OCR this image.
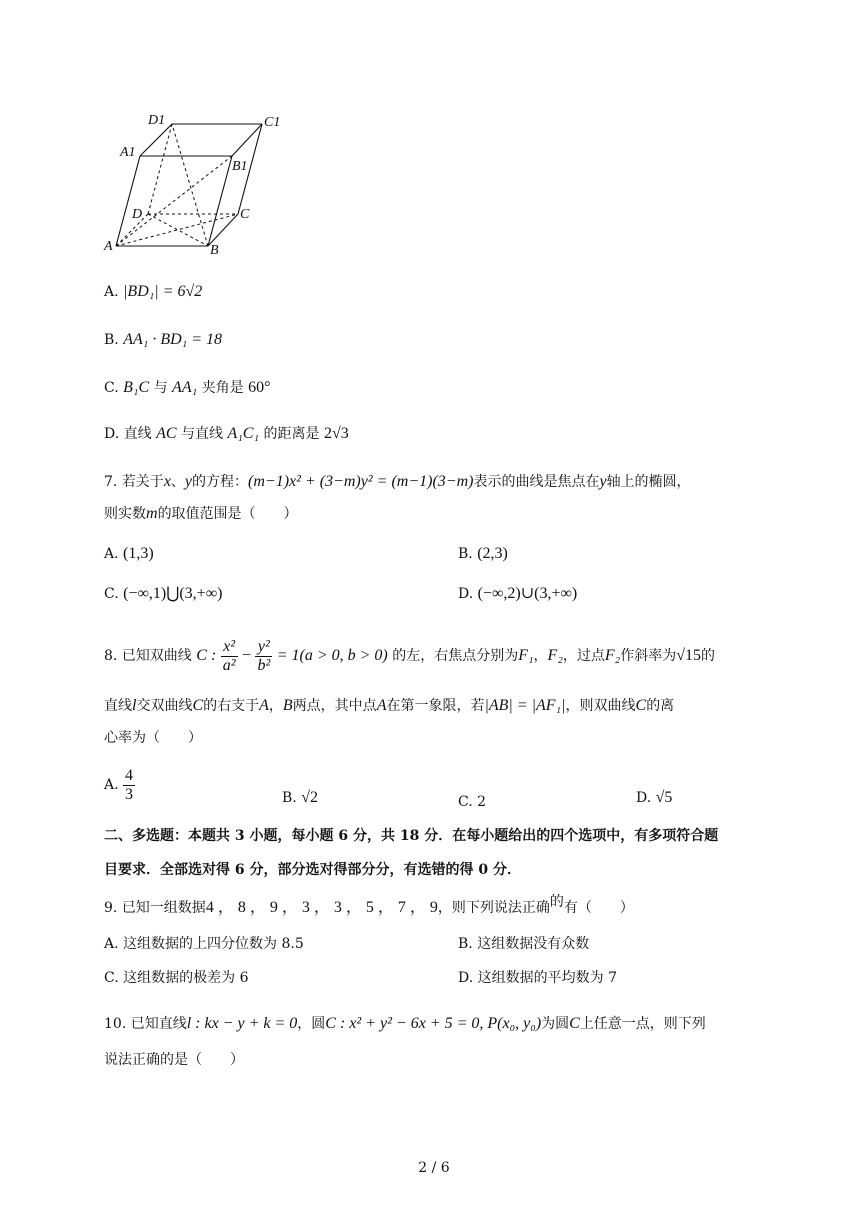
D1	C1
A1
B1
D	C
A	B
A. |BD₁| = 6√2
B. AA₁ · BD₁ = 18
C. B₁C 与 AA₁ 夹角是 60°
D. 直线 AC 与直线 A₁C₁ 的距离是 2√3
7. 若关于x、y的方程：(m−1)x² + (3−m)y² = (m−1)(3−m)表示的曲线是焦点在y轴上的椭圆，
则实数m的取值范围是（　　）
A. (1,3)	B. (2,3)
C. (−∞,1)⋃(3,+∞)	D. (−∞,2)∪(3,+∞)
8. 已知双曲线 C : $\frac{\text{x²}}{\text{a²}} - \frac{\text{y²}}{\text{b²}} = 1(a > 0$, b > 0) 的左，右焦点分别为F₁，F₂，过点F₂作斜率为√15的
直线l交双曲线C的右支于A，B两点，其中点A在第一象限，若|AB| = |AF₁|，则双曲线C的离
心率为（　　）
A. $\frac{4}{3}$	B. √2	C. 2	D. √5
二、多选题：本题共 3 小题，每小题 6 分，共 18 分．在每小题给出的四个选项中，有多项符合题
目要求．全部选对得 6 分，部分选对得部分分，有选错的得 0 分．
9. 已知一组数据4 ， 8 ， 9 ， 3 ， 3 ， 5 ， 7 ， 9，则下列说法正确的有（　　）
A. 这组数据的上四分位数为 8.5	B. 这组数据没有众数
C. 这组数据的极差为 6	D. 这组数据的平均数为 7
10. 已知直线l : kx − y + k = 0，圆C : x² + y² − 6x + 5 = 0, P(x₀, y₀)为圆C上任意一点，则下列
说法正确的是（　　）
2 / 6
